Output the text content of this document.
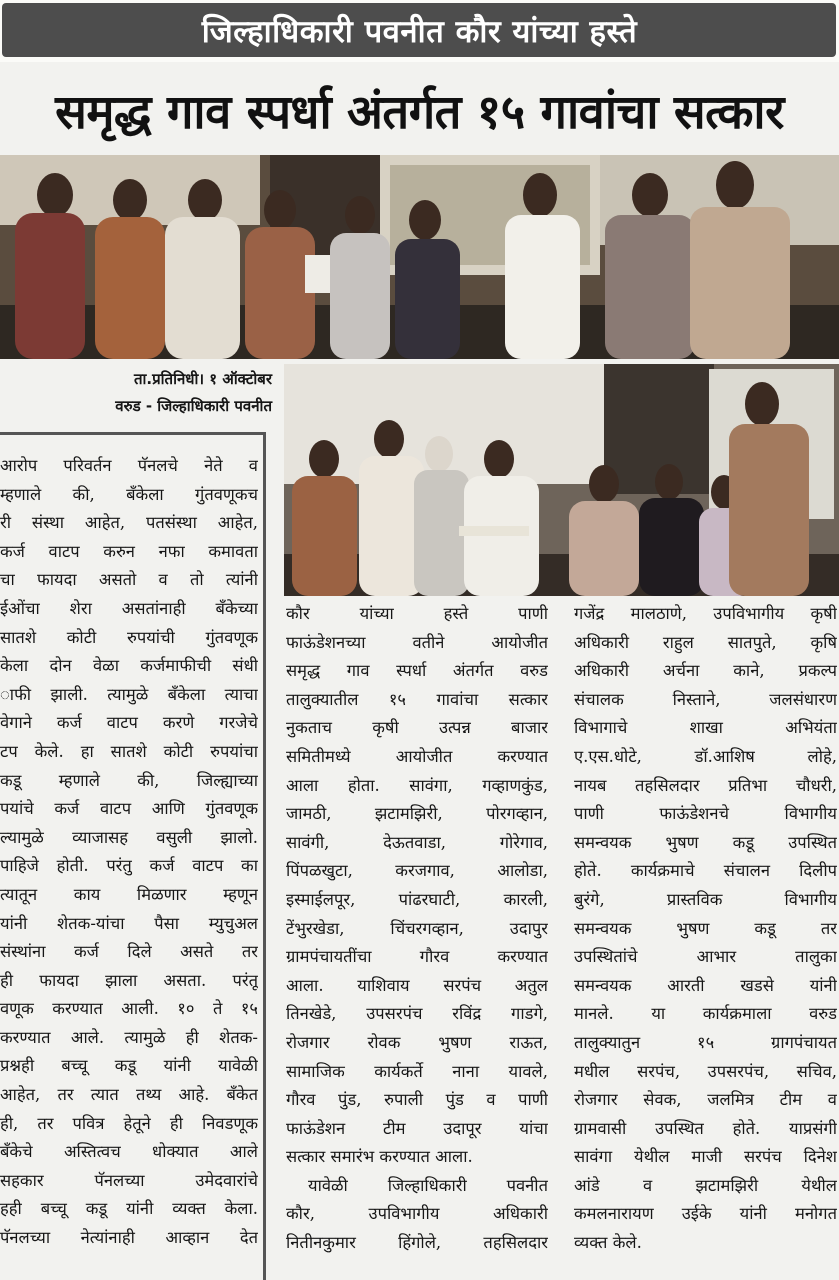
जिल्हाधिकारी पवनीत कौर यांच्या हस्ते
समृद्ध गाव स्पर्धा अंतर्गत १५ गावांचा सत्कार
ता.प्रतिनिधी। १ ऑक्टोबर
वरुड - जिल्हाधिकारी पवनीत
आरोप परिवर्तन पॅनलचे नेते व
म्हणाले की, बँकेला गुंतवणूकच
री संस्था आहेत, पतसंस्था आहेत,
कर्ज वाटप करुन नफा कमावता
चा फायदा असतो व तो त्यांनी
ईओंचा शेरा असतांनाही बँकेच्या
सातशे कोटी रुपयांची गुंतवणूक
केला दोन वेळा कर्जमाफीची संधी
ाफी झाली. त्यामुळे बँकेला त्याचा
वेगाने कर्ज वाटप करणे गरजेचे
टप केले. हा सातशे कोटी रुपयांचा
कडू म्हणाले की, जिल्ह्याच्या
पयांचे कर्ज वाटप आणि गुंतवणूक
ल्यामुळे व्याजासह वसुली झालो.
पाहिजे होती. परंतु कर्ज वाटप का
त्यातून काय मिळणार म्हणून
यांनी शेतक-यांचा पैसा म्युचुअल
संस्थांना कर्ज दिले असते तर
ही फायदा झाला असता. परंतू
वणूक करण्यात आली. १० ते १५
करण्यात आले. त्यामुळे ही शेतक-
प्रश्नही बच्चू कडू यांनी यावेळी
आहेत, तर त्यात तथ्य आहे. बँकेत
ही, तर पवित्र हेतूने ही निवडणूक
बँकेचे अस्तित्वच धोक्यात आले
सहकार पॅनलच्या उमेदवारांचे
हही बच्चू कडू यांनी व्यक्त केला.
पॅनलच्या नेत्यांनाही आव्हान देत
कौर यांच्या हस्ते पाणी
फाऊंडेशनच्या वतीने आयोजीत
समृद्ध गाव स्पर्धा अंतर्गत वरुड
तालुक्यातील १५ गावांचा सत्कार
नुकताच कृषी उत्पन्न बाजार
समितीमध्ये आयोजीत करण्यात
आला होता. सावंगा, गव्हाणकुंड,
जामठी, झटामझिरी, पोरगव्हान,
सावंगी, देऊतवाडा, गोरेगाव,
पिंपळखुटा, करजगाव, आलोडा,
इस्माईलपूर, पांढरघाटी, कारली,
टेंभुरखेडा, चिंचरगव्हान, उदापुर
ग्रामपंचायतींचा गौरव करण्यात
आला. याशिवाय सरपंच अतुल
तिनखेडे, उपसरपंच रविंद्र गाडगे,
रोजगार रोवक भुषण राऊत,
सामाजिक कार्यकर्ते नाना यावले,
गौरव पुंड, रुपाली पुंड व पाणी
फाऊंडेशन टीम उदापूर यांचा
सत्कार समारंभ करण्यात आला.
यावेळी जिल्हाधिकारी पवनीत
कौर, उपविभागीय अधिकारी
नितीनकुमार हिंगोले, तहसिलदार
गजेंद्र मालठाणे, उपविभागीय कृषी
अधिकारी राहुल सातपुते, कृषि
अधिकारी अर्चना काने, प्रकल्प
संचालक निस्ताने, जलसंधारण
विभागाचे शाखा अभियंता
ए.एस.धोटे, डॉ.आशिष लोहे,
नायब तहसिलदार प्रतिभा चौधरी,
पाणी फाऊंडेशनचे विभागीय
समन्वयक भुषण कडू उपस्थित
होते. कार्यक्रमाचे संचालन दिलीप
बुरंगे, प्रास्तविक विभागीय
समन्वयक भुषण कडू तर
उपस्थितांचे आभार तालुका
समन्वयक आरती खडसे यांनी
मानले. या कार्यक्रमाला वरुड
तालुक्यातुन १५ ग्रागपंचायत
मधील सरपंच, उपसरपंच, सचिव,
रोजगार सेवक, जलमित्र टीम व
ग्रामवासी उपस्थित होते. याप्रसंगी
सावंगा येथील माजी सरपंच दिनेश
आंडे व झटामझिरी येथील
कमलनारायण उईके यांनी मनोगत
व्यक्त केले.
